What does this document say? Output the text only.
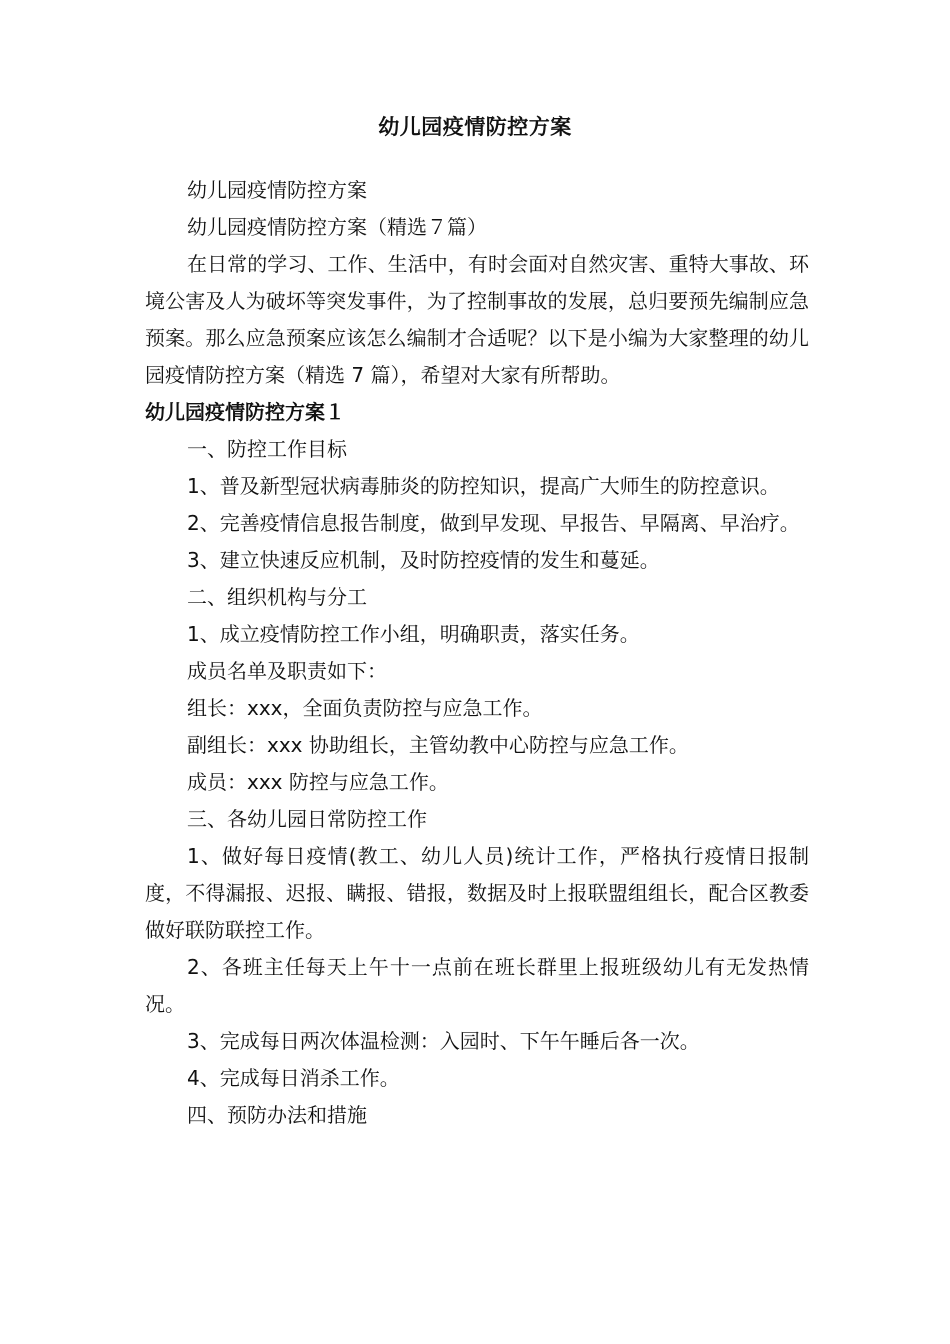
幼儿园疫情防控方案

幼儿园疫情防控方案

幼儿园疫情防控方案（精选７篇）

在日常的学习、工作、生活中，有时会面对自然灾害、重特大事故、环境公害及人为破坏等突发事件，为了控制事故的发展，总归要预先编制应急预案。那么应急预案应该怎么编制才合适呢？以下是小编为大家整理的幼儿园疫情防控方案（精选 7 篇），希望对大家有所帮助。

幼儿园疫情防控方案１

一、防控工作目标

1、普及新型冠状病毒肺炎的防控知识，提高广大师生的防控意识。

2、完善疫情信息报告制度，做到早发现、早报告、早隔离、早治疗。

3、建立快速反应机制，及时防控疫情的发生和蔓延。

二、组织机构与分工

1、成立疫情防控工作小组，明确职责，落实任务。

成员名单及职责如下：

组长：xxx，全面负责防控与应急工作。

副组长：xxx 协助组长，主管幼教中心防控与应急工作。

成员：xxx 防控与应急工作。

三、各幼儿园日常防控工作

1、做好每日疫情(教工、幼儿人员)统计工作，严格执行疫情日报制度，不得漏报、迟报、瞒报、错报，数据及时上报联盟组组长，配合区教委做好联防联控工作。

2、各班主任每天上午十一点前在班长群里上报班级幼儿有无发热情况。

3、完成每日两次体温检测：入园时、下午午睡后各一次。

4、完成每日消杀工作。

四、预防办法和措施
